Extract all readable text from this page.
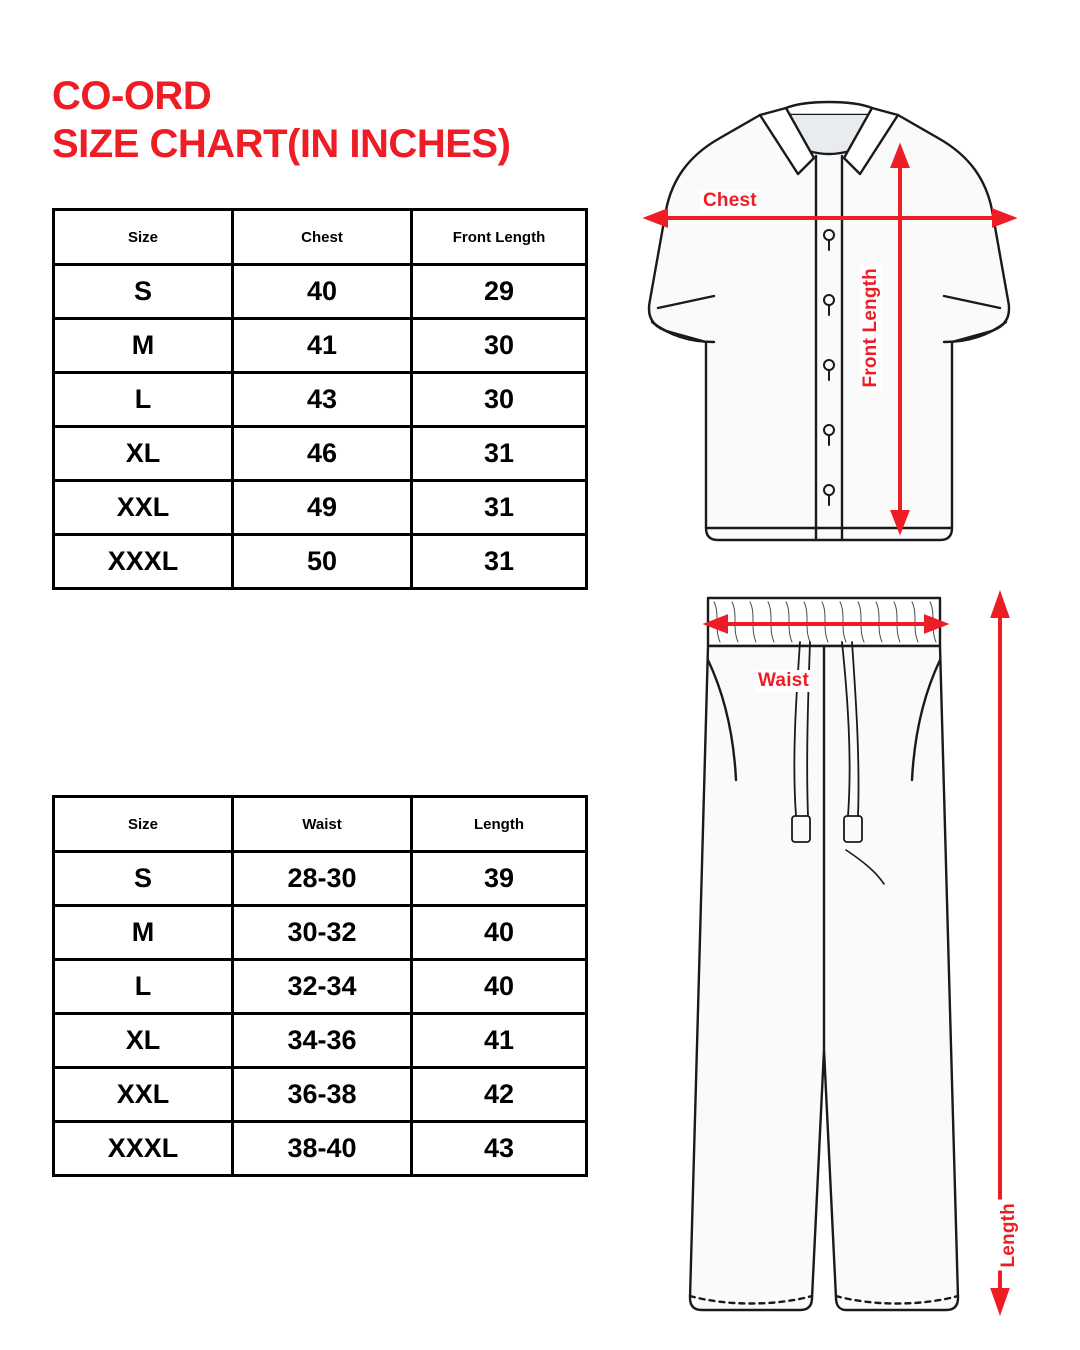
CO-ORD
SIZE CHART(IN INCHES)
Size	Chest	Front Length
S	40	29
M	41	30
L	43	30
XL	46	31
XXL	49	31
XXXL	50	31
Size	Waist	Length
S	28-30	39
M	30-32	40
L	32-34	40
XL	34-36	41
XXL	36-38	42
XXXL	38-40	43
Chest
Front Length
Waist
Length
